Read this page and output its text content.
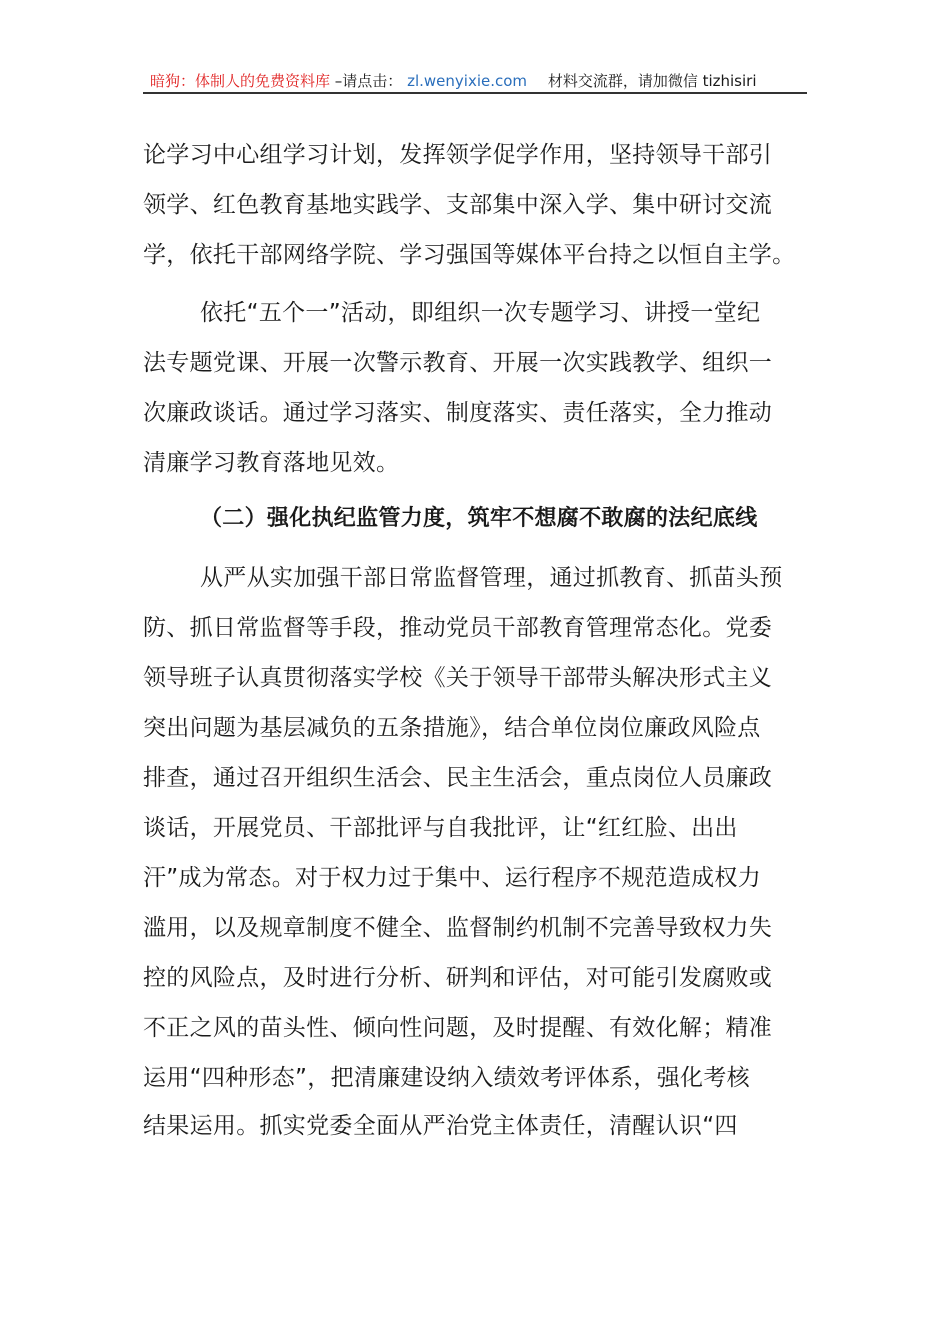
暗狗：体制人的免费资料库 –请点击： zl.wenyixie.com 材料交流群，请加微信 tizhisiri
论学习中心组学习计划，发挥领学促学作用，坚持领导干部引
领学、红色教育基地实践学、支部集中深入学、集中研讨交流
学，依托干部网络学院、学习强国等媒体平台持之以恒自主学。
依托“五个一”活动，即组织一次专题学习、讲授一堂纪
法专题党课、开展一次警示教育、开展一次实践教学、组织一
次廉政谈话。通过学习落实、制度落实、责任落实，全力推动
清廉学习教育落地见效。
（二）强化执纪监管力度，筑牢不想腐不敢腐的法纪底线
从严从实加强干部日常监督管理，通过抓教育、抓苗头预
防、抓日常监督等手段，推动党员干部教育管理常态化。党委
领导班子认真贯彻落实学校《关于领导干部带头解决形式主义
突出问题为基层减负的五条措施》，结合单位岗位廉政风险点
排查，通过召开组织生活会、民主生活会，重点岗位人员廉政
谈话，开展党员、干部批评与自我批评，让“红红脸、出出
汗”成为常态。对于权力过于集中、运行程序不规范造成权力
滥用，以及规章制度不健全、监督制约机制不完善导致权力失
控的风险点，及时进行分析、研判和评估，对可能引发腐败或
不正之风的苗头性、倾向性问题，及时提醒、有效化解；精准
运用“四种形态”，把清廉建设纳入绩效考评体系，强化考核
结果运用。抓实党委全面从严治党主体责任，清醒认识“四
